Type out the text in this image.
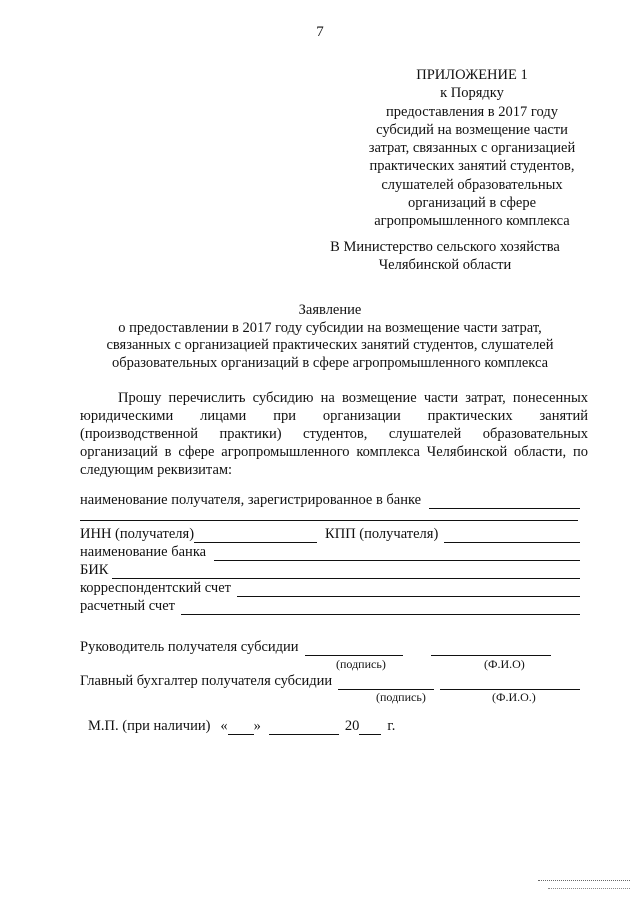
7
ПРИЛОЖЕНИЕ 1
к Порядку
предоставления в 2017 году
субсидий на возмещение части
затрат, связанных с организацией
практических занятий студентов,
слушателей образовательных
организаций в сфере
агропромышленного комплекса
В Министерство сельского хозяйства
Челябинской области
Заявление
о предоставлении в 2017 году субсидии на возмещение части затрат,
связанных с организацией практических занятий студентов, слушателей
образовательных организаций в сфере агропромышленного комплекса
Прошу перечислить субсидию на возмещение части затрат, понесенных юридическими лицами при организации практических занятий (производственной практики) студентов, слушателей образовательных организаций в сфере агропромышленного комплекса Челябинской области, по следующим реквизитам:
наименование получателя, зарегистрированное в банке
ИНН (получателя)	КПП (получателя)
наименование банка
БИК
корреспондентский счет
расчетный счет
Руководитель получателя субсидии
(подпись)	(Ф.И.О)
Главный бухгалтер получателя субсидии
(подпись)	(Ф.И.О.)
М.П. (при наличии) « »	20 г.
